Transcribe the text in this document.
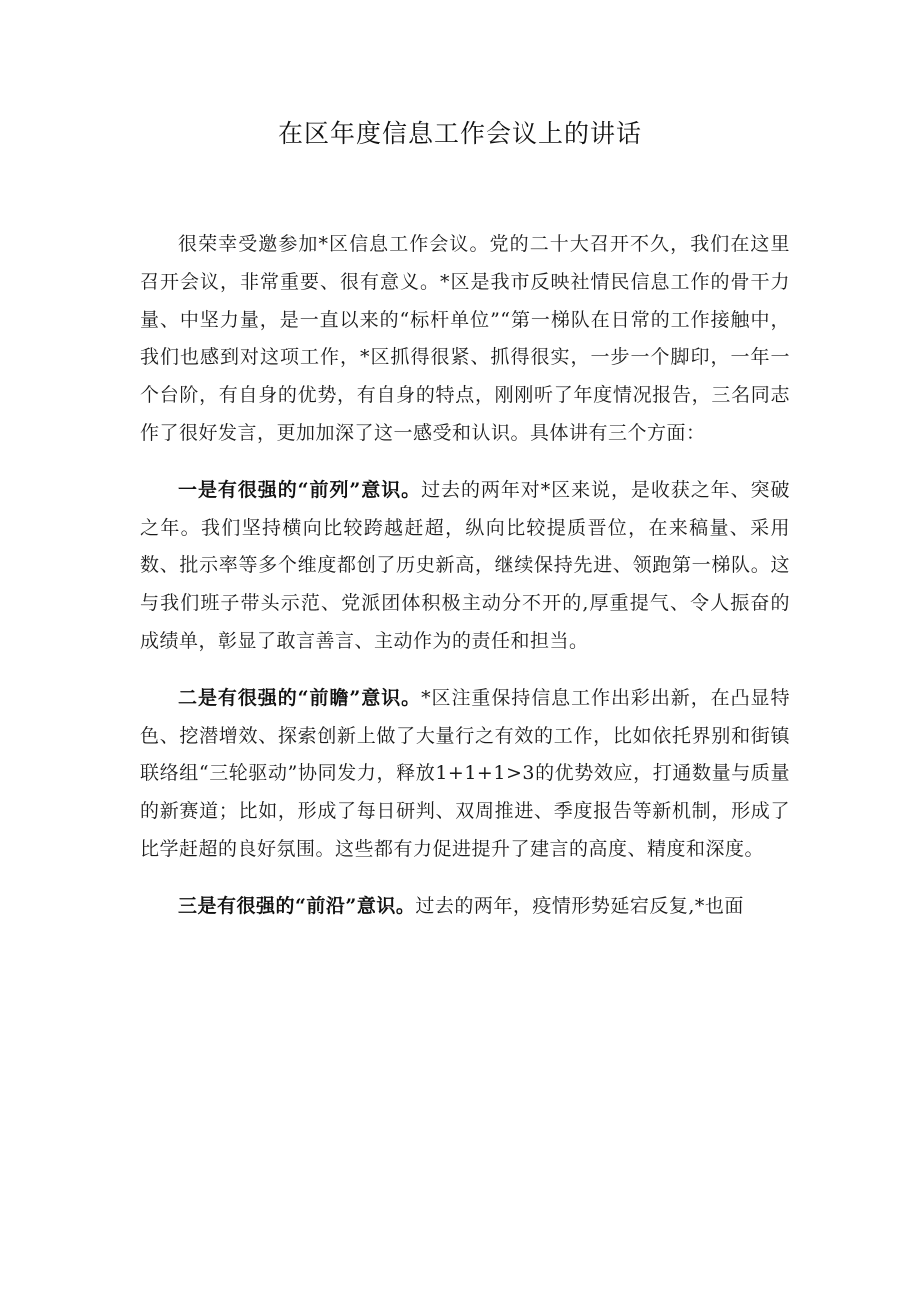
在区年度信息工作会议上的讲话

很荣幸受邀参加*区信息工作会议。党的二十大召开不久，我们在这里召开会议，非常重要、很有意义。*区是我市反映社情民信息工作的骨干力量、中坚力量，是一直以来的“标杆单位”“第一梯队在日常的工作接触中，我们也感到对这项工作，*区抓得很紧、抓得很实，一步一个脚印，一年一个台阶，有自身的优势，有自身的特点，刚刚听了年度情况报告，三名同志作了很好发言，更加加深了这一感受和认识。具体讲有三个方面：

一是有很强的“前列”意识。过去的两年对*区来说，是收获之年、突破之年。我们坚持横向比较跨越赶超，纵向比较提质晋位，在来稿量、采用数、批示率等多个维度都创了历史新高，继续保持先进、领跑第一梯队。这与我们班子带头示范、党派团体积极主动分不开的,厚重提气、令人振奋的成绩单，彰显了敢言善言、主动作为的责任和担当。

二是有很强的“前瞻”意识。*区注重保持信息工作出彩出新，在凸显特色、挖潜增效、探索创新上做了大量行之有效的工作，比如依托界别和街镇联络组“三轮驱动”协同发力，释放1+1+1>3的优势效应，打通数量与质量的新赛道；比如，形成了每日研判、双周推进、季度报告等新机制，形成了比学赶超的良好氛围。这些都有力促进提升了建言的高度、精度和深度。

三是有很强的“前沿”意识。过去的两年，疫情形势延宕反复,*也面
